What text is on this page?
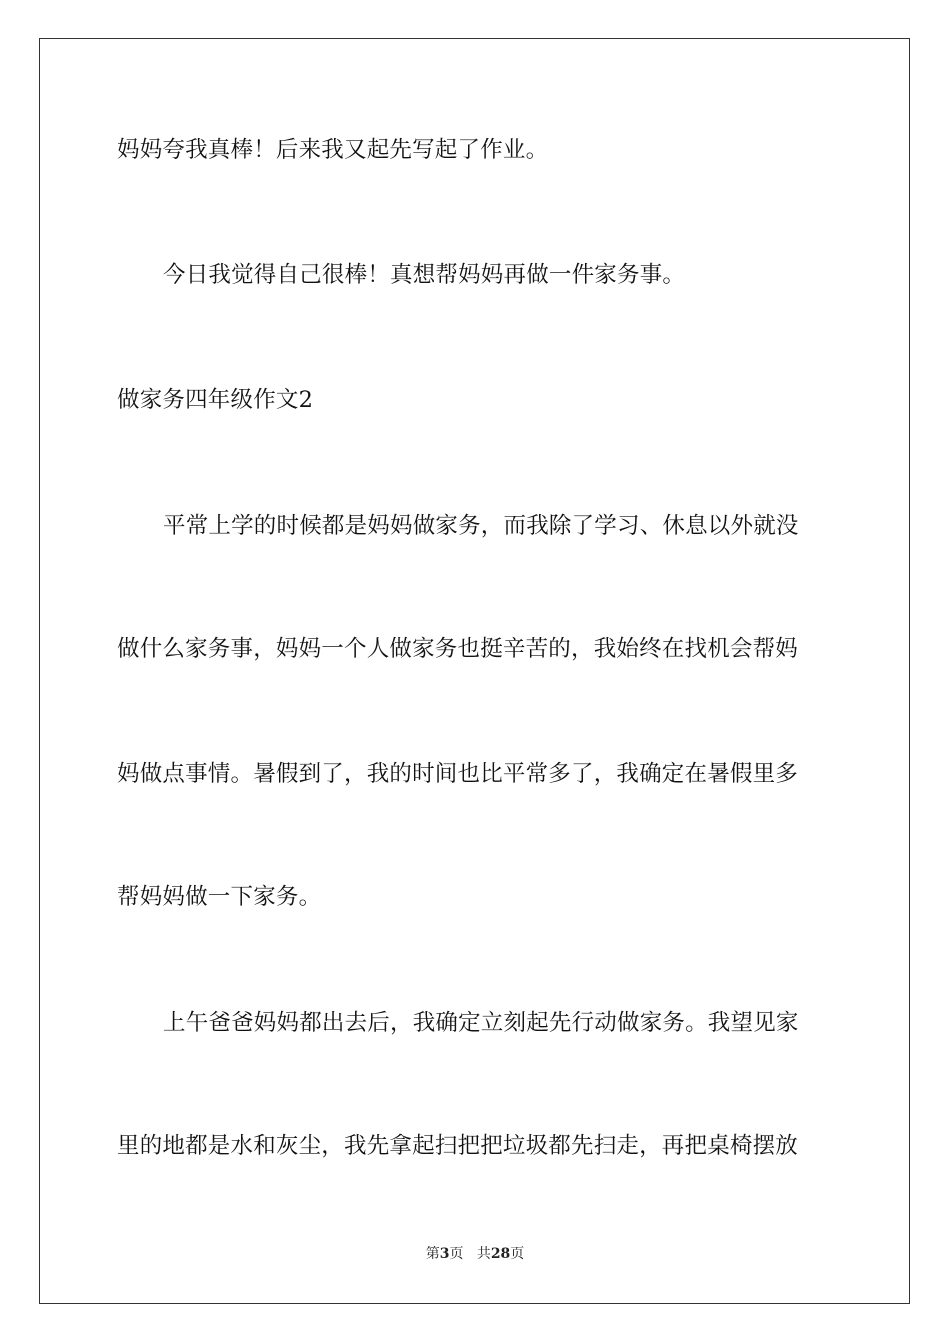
妈妈夸我真棒！后来我又起先写起了作业。
今日我觉得自己很棒！真想帮妈妈再做一件家务事。
做家务四年级作文2
平常上学的时候都是妈妈做家务，而我除了学习、休息以外就没
做什么家务事，妈妈一个人做家务也挺辛苦的，我始终在找机会帮妈
妈做点事情。暑假到了，我的时间也比平常多了，我确定在暑假里多
帮妈妈做一下家务。
上午爸爸妈妈都出去后，我确定立刻起先行动做家务。我望见家
里的地都是水和灰尘，我先拿起扫把把垃圾都先扫走，再把桌椅摆放
第3页 共28页
